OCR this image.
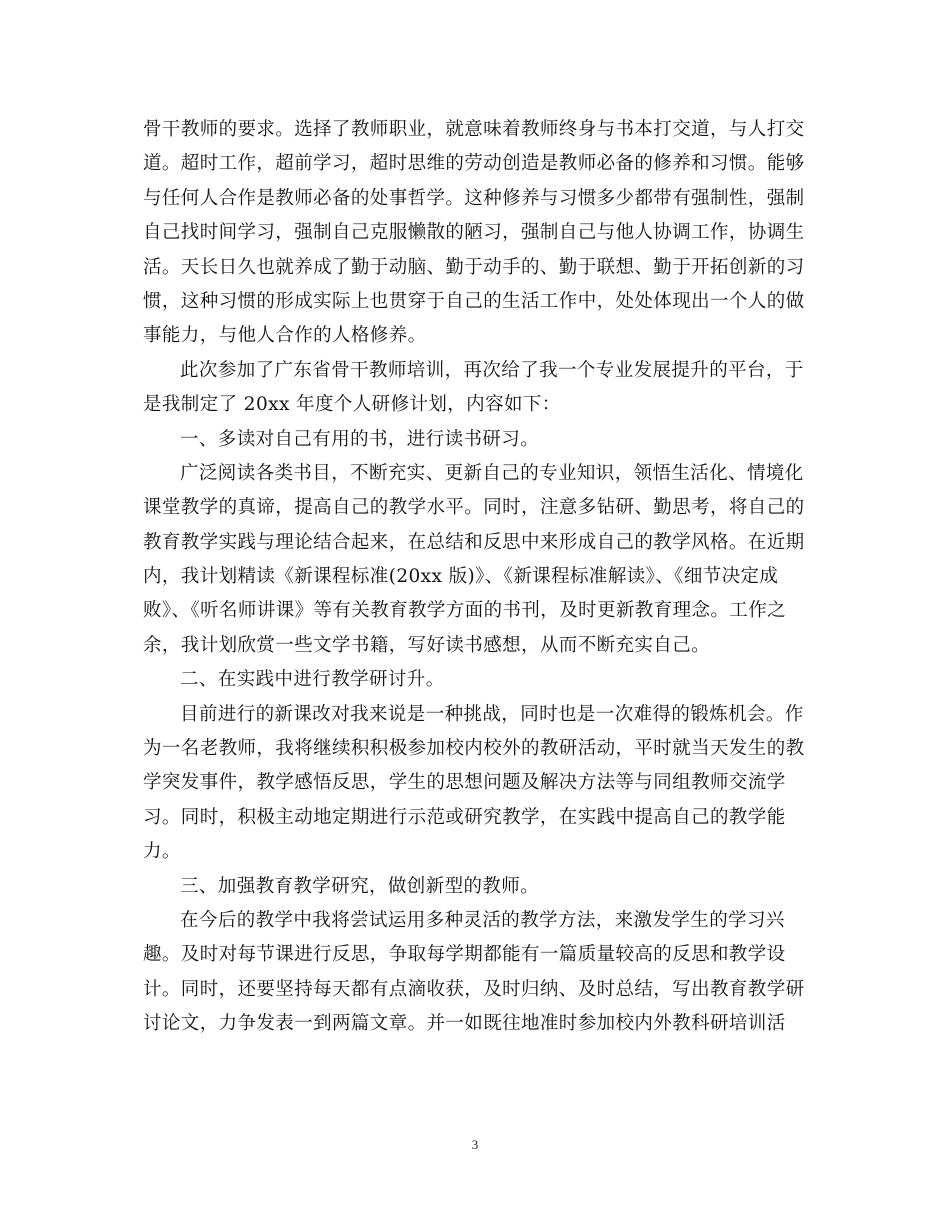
骨干教师的要求。选择了教师职业，就意味着教师终身与书本打交道，与人打交
道。超时工作，超前学习，超时思维的劳动创造是教师必备的修养和习惯。能够
与任何人合作是教师必备的处事哲学。这种修养与习惯多少都带有强制性，强制
自己找时间学习，强制自己克服懒散的陋习，强制自己与他人协调工作，协调生
活。天长日久也就养成了勤于动脑、勤于动手的、勤于联想、勤于开拓创新的习
惯，这种习惯的形成实际上也贯穿于自己的生活工作中，处处体现出一个人的做
事能力，与他人合作的人格修养。
此次参加了广东省骨干教师培训，再次给了我一个专业发展提升的平台，于
是我制定了 20xx 年度个人研修计划，内容如下：
一、多读对自己有用的书，进行读书研习。
广泛阅读各类书目，不断充实、更新自己的专业知识，领悟生活化、情境化
课堂教学的真谛，提高自己的教学水平。同时，注意多钻研、勤思考，将自己的
教育教学实践与理论结合起来，在总结和反思中来形成自己的教学风格。在近期
内，我计划精读《新课程标准(20xx 版)》、《新课程标准解读》、《细节决定成
败》、《听名师讲课》等有关教育教学方面的书刊，及时更新教育理念。工作之
余，我计划欣赏一些文学书籍，写好读书感想，从而不断充实自己。
二、在实践中进行教学研讨升。
目前进行的新课改对我来说是一种挑战，同时也是一次难得的锻炼机会。作
为一名老教师，我将继续积积极参加校内校外的教研活动，平时就当天发生的教
学突发事件，教学感悟反思，学生的思想问题及解决方法等与同组教师交流学
习。同时，积极主动地定期进行示范或研究教学，在实践中提高自己的教学能
力。
三、加强教育教学研究，做创新型的教师。
在今后的教学中我将尝试运用多种灵活的教学方法，来激发学生的学习兴
趣。及时对每节课进行反思，争取每学期都能有一篇质量较高的反思和教学设
计。同时，还要坚持每天都有点滴收获，及时归纳、及时总结，写出教育教学研
讨论文，力争发表一到两篇文章。并一如既往地准时参加校内外教科研培训活
3
